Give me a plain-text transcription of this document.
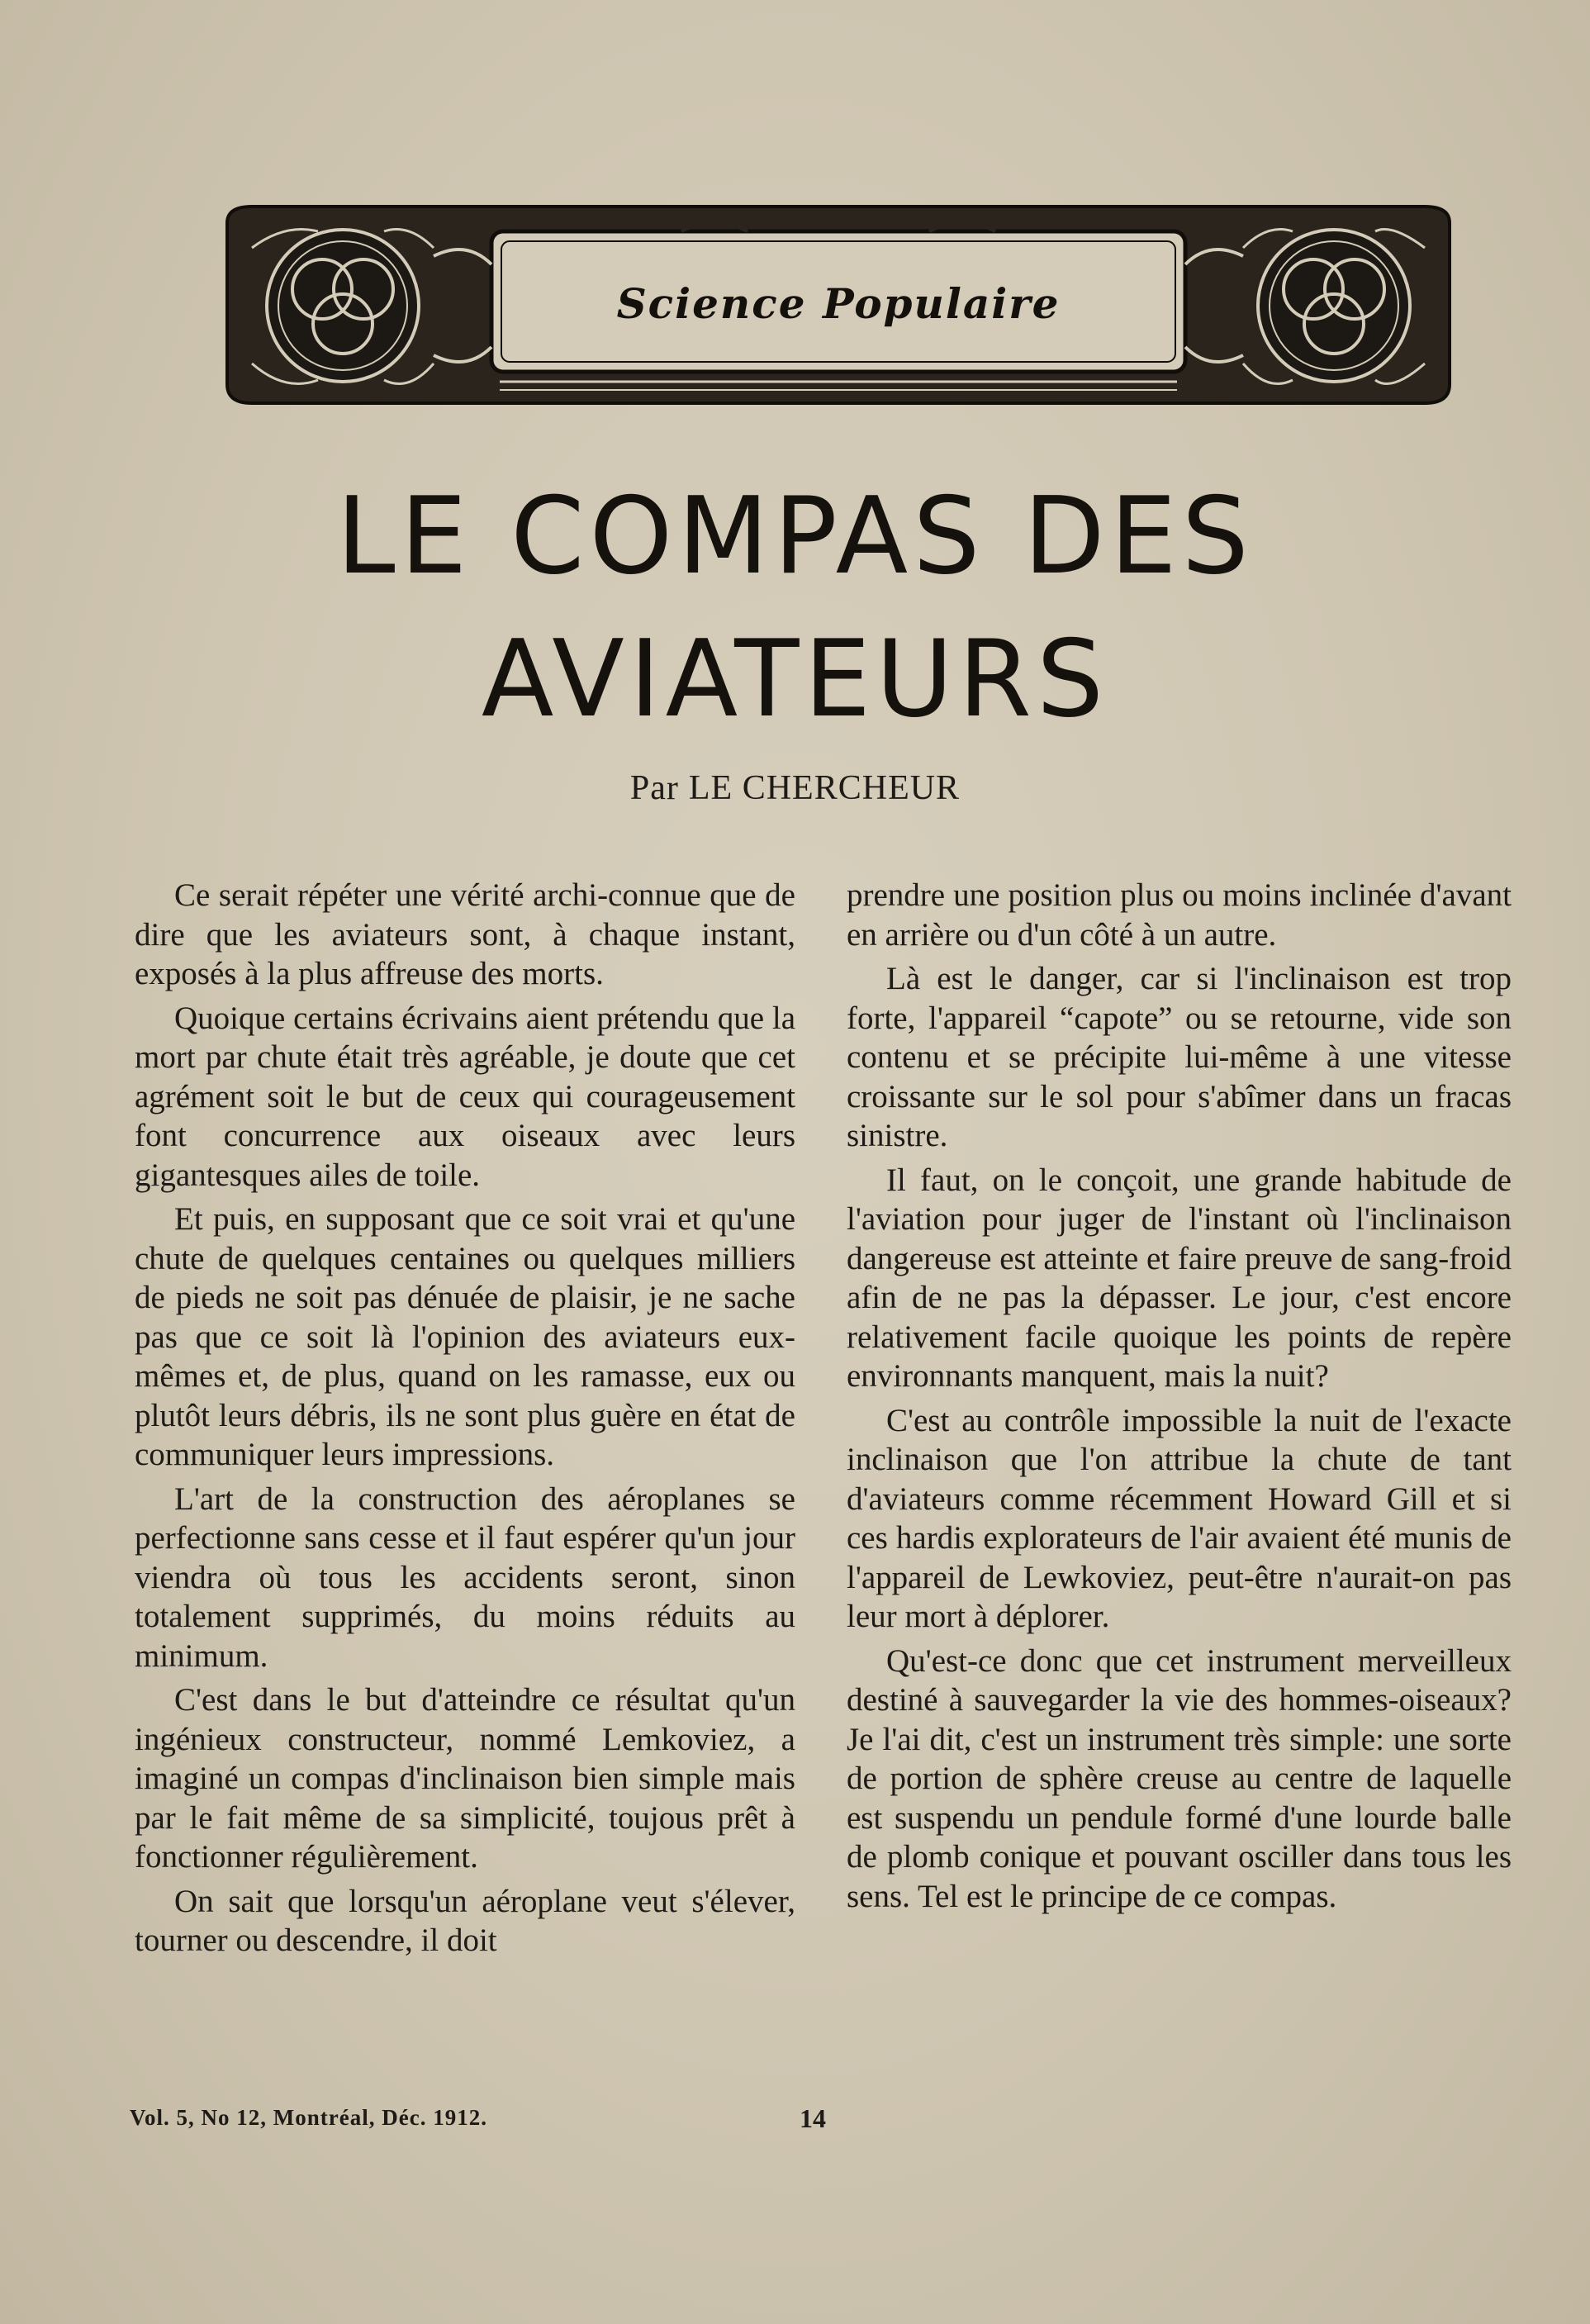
Science Populaire
LE COMPAS DES
AVIATEURS
Par LE CHERCHEUR

Ce serait répéter une vérité archi-connue que de dire que les aviateurs sont, à chaque instant, exposés à la plus affreuse des morts.

Quoique certains écrivains aient prétendu que la mort par chute était très agréable, je doute que cet agrément soit le but de ceux qui courageusement font concurrence aux oiseaux avec leurs gigantesques ailes de toile.

Et puis, en supposant que ce soit vrai et qu'une chute de quelques centaines ou quelques milliers de pieds ne soit pas dénuée de plaisir, je ne sache pas que ce soit là l'opinion des aviateurs eux-mêmes et, de plus, quand on les ramasse, eux ou plutôt leurs débris, ils ne sont plus guère en état de communiquer leurs impressions.

L'art de la construction des aéroplanes se perfectionne sans cesse et il faut espérer qu'un jour viendra où tous les accidents seront, sinon totalement supprimés, du moins réduits au minimum.

C'est dans le but d'atteindre ce résultat qu'un ingénieux constructeur, nommé Lemkoviez, a imaginé un compas d'inclinaison bien simple mais par le fait même de sa simplicité, toujous prêt à fonctionner régulièrement.

On sait que lorsqu'un aéroplane veut s'élever, tourner ou descendre, il doit

prendre une position plus ou moins inclinée d'avant en arrière ou d'un côté à un autre.

Là est le danger, car si l'inclinaison est trop forte, l'appareil “capote” ou se retourne, vide son contenu et se précipite lui-même à une vitesse croissante sur le sol pour s'abîmer dans un fracas sinistre.

Il faut, on le conçoit, une grande habitude de l'aviation pour juger de l'instant où l'inclinaison dangereuse est atteinte et faire preuve de sang-froid afin de ne pas la dépasser. Le jour, c'est encore relativement facile quoique les points de repère environnants manquent, mais la nuit?

C'est au contrôle impossible la nuit de l'exacte inclinaison que l'on attribue la chute de tant d'aviateurs comme récemment Howard Gill et si ces hardis explorateurs de l'air avaient été munis de l'appareil de Lewkoviez, peut-être n'aurait-on pas leur mort à déplorer.

Qu'est-ce donc que cet instrument merveilleux destiné à sauvegarder la vie des hommes-oiseaux? Je l'ai dit, c'est un instrument très simple: une sorte de portion de sphère creuse au centre de laquelle est suspendu un pendule formé d'une lourde balle de plomb conique et pouvant osciller dans tous les sens. Tel est le principe de ce compas.

Vol. 5, No 12, Montréal, Déc. 1912.	14
